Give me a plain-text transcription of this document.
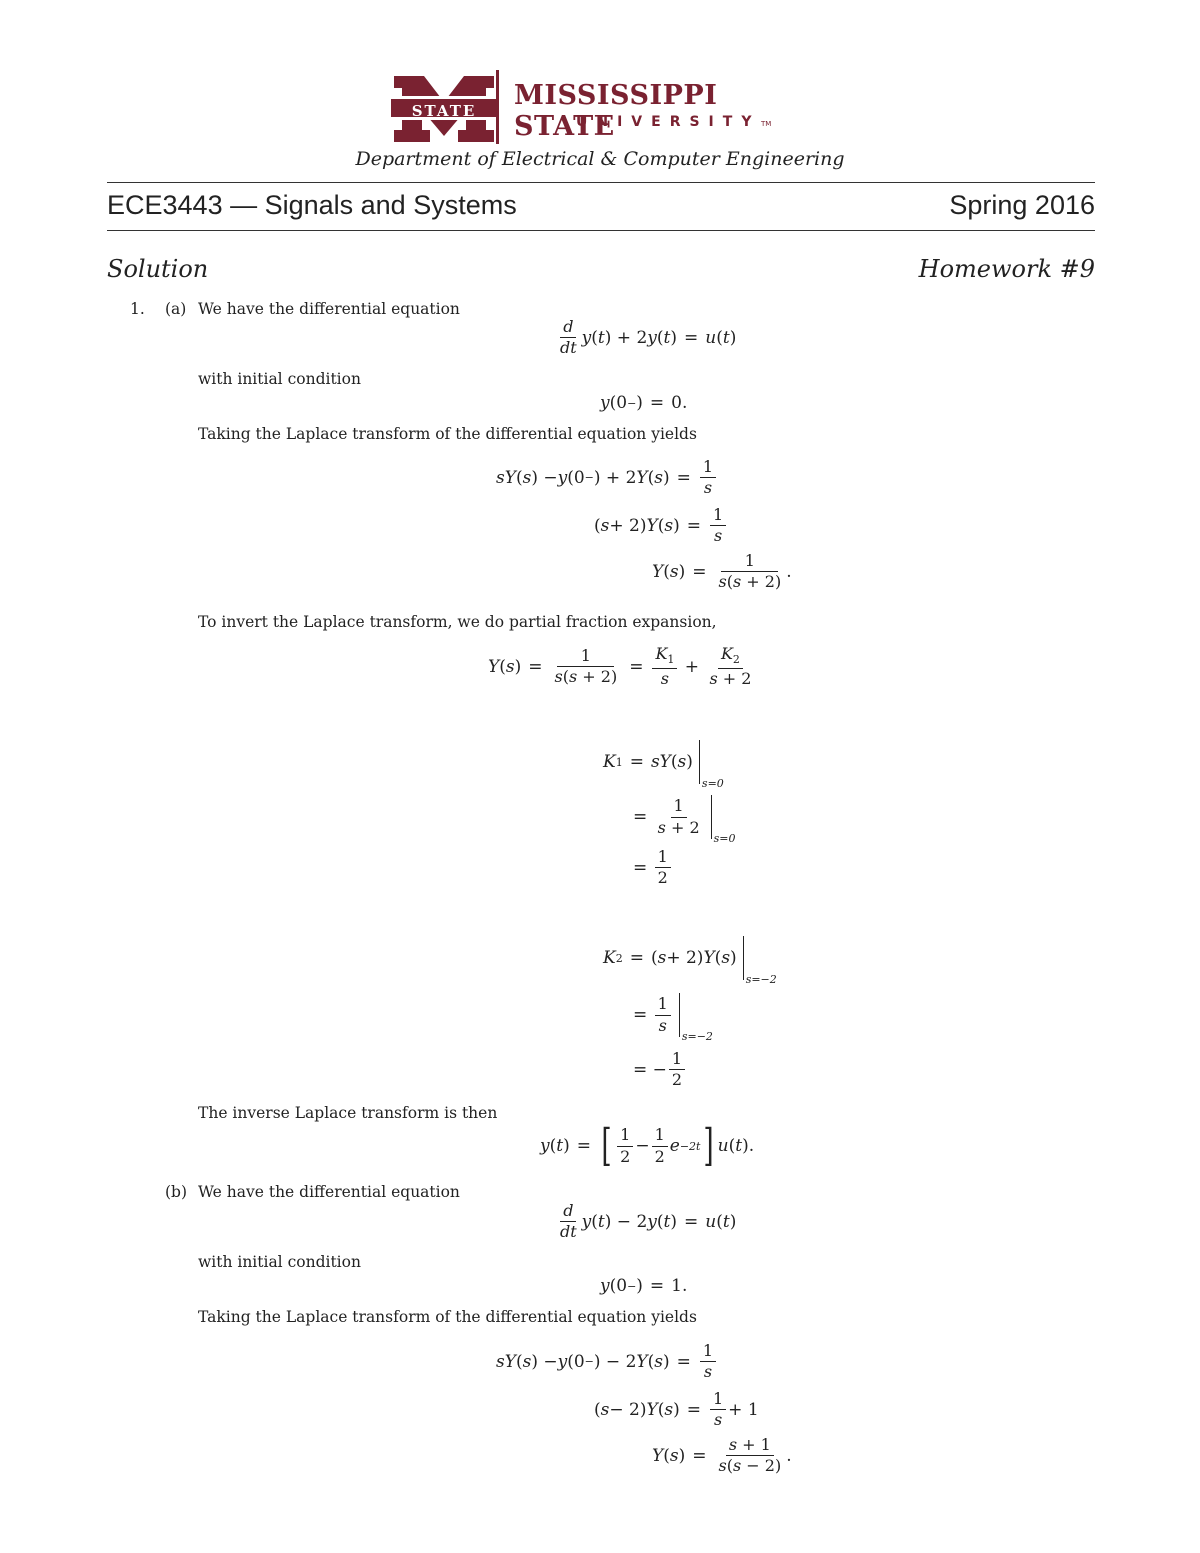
STATE	MISSISSIPPI STATE
UNIVERSITY TM
Department of Electrical & Computer Engineering
ECE3443 — Signals and Systems	Spring 2016
Solution	Homework #9
1. (a) We have the differential equation
$\frac{d}{dt}$ y ( t ) + 2 y ( t ) = u ( t )
with initial condition
y (0 − ) = 0.
Taking the Laplace transform of the differential equation yields
sY ( s ) − y (0 − ) + 2 Y ( s ) = $\frac{1}{s}$
( s + 2) Y ( s ) = $\frac{1}{s}$
Y ( s ) = $\frac{1}{s(s + 2)}$ .
To invert the Laplace transform, we do partial fraction expansion,
Y ( s ) = $\frac{1}{s(s + 2)} = \frac{K_1}{s} + \frac{K_2}{s + 2}$
K 1 = sY ( s )
s=0
= $\frac{1}{s + 2}$
s=0
= $\frac{1}{2}$
K 2 = ( s + 2) Y ( s )
s=−2
= $\frac{1}{s}$
s=−2
= − $\frac{1}{2}$
The inverse Laplace transform is then
y ( t ) = [ $\frac{1}{2} - \frac{1}{2}$ e −2t ] u ( t ).
(b) We have the differential equation
$\frac{d}{dt}$ y ( t ) − 2 y ( t ) = u ( t )
with initial condition
y (0 − ) = 1.
Taking the Laplace transform of the differential equation yields
sY ( s ) − y (0 − ) − 2 Y ( s ) = $\frac{1}{s}$
( s − 2) Y ( s ) = $\frac{1}{s} + 1$
Y ( s ) = $\frac{s + 1}{s(s - 2)}$ .
